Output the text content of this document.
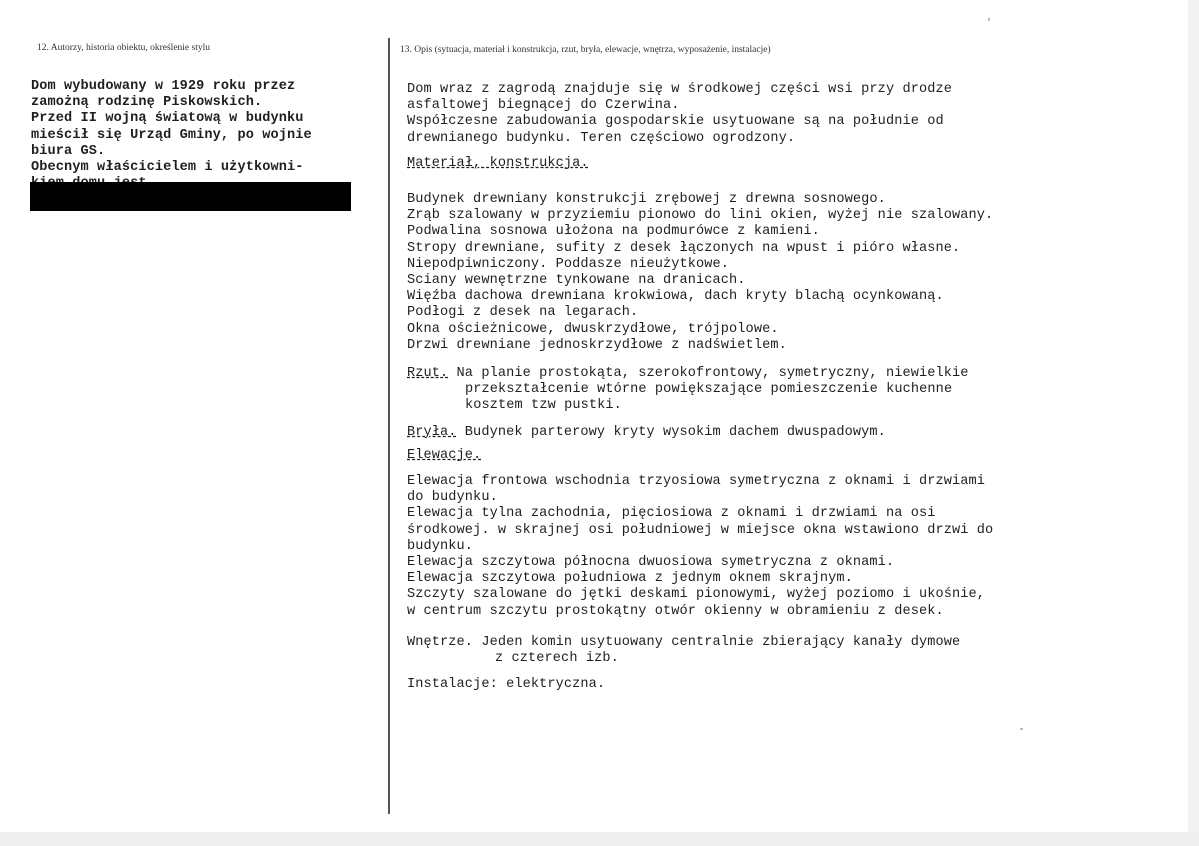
12. Autorzy, historia obiektu, określenie stylu	13. Opis (sytuacja, materiał i konstrukcja, rzut, bryła, elewacje, wnętrza, wyposażenie, instalacje)
Dom wybudowany w 1929 roku przez
zamożną rodzinę Piskowskich.
Przed II wojną światową w budynku
mieścił się Urząd Gminy, po wojnie
biura GS.
Obecnym właścicielem i użytkowni-
Dom wraz z zagrodą znajduje się w środkowej części wsi przy drodze
asfaltowej biegnącej do Czerwina.
Współczesne zabudowania gospodarskie usytuowane są na południe od
drewnianego budynku. Teren częściowo ogrodzony.
Materiał, konstrukcja.
Budynek drewniany konstrukcji zrębowej z drewna sosnowego.
Zrąb szalowany w przyziemiu pionowo do lini okien, wyżej nie szalowany.
Podwalina sosnowa ułożona na podmurówce z kamieni.
Stropy drewniane, sufity z desek łączonych na wpust i pióro własne.
Niepodpiwniczony. Poddasze nieużytkowe.
Sciany wewnętrzne tynkowane na dranicach.
Więźba dachowa drewniana krokwiowa, dach kryty blachą ocynkowaną.
Podłogi z desek na legarach.
Okna ościeżnicowe, dwuskrzydłowe, trójpolowe.
Drzwi drewniane jednoskrzydłowe z nadświetlem.
Rzut. Na planie prostokąta, szerokofrontowy, symetryczny, niewielkie
przekształcenie wtórne powiększające pomieszczenie kuchenne
kosztem tzw pustki.
Bryła. Budynek parterowy kryty wysokim dachem dwuspadowym.
Elewacje.
Elewacja frontowa wschodnia trzyosiowa symetryczna z oknami i drzwiami
do budynku.
Elewacja tylna zachodnia, pięciosiowa z oknami i drzwiami na osi
środkowej. w skrajnej osi południowej w miejsce okna wstawiono drzwi do
budynku.
Elewacja szczytowa północna dwuosiowa symetryczna z oknami.
Elewacja szczytowa południowa z jednym oknem skrajnym.
Szczyty szalowane do jętki deskami pionowymi, wyżej poziomo i ukośnie,
w centrum szczytu prostokątny otwór okienny w obramieniu z desek.
Wnętrze. Jeden komin usytuowany centralnie zbierający kanały dymowe
z czterech izb.
Instalacje: elektryczna.
